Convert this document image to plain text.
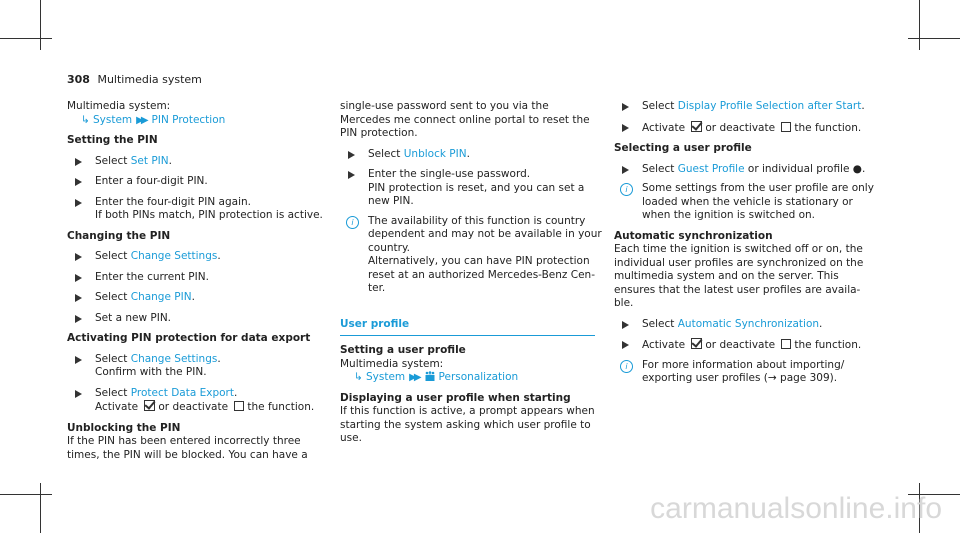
308 Multimedia system
Multimedia system:
↳ System ▶▶ PIN Protection
Setting the PIN
Select Set PIN.
Enter a four-digit PIN.
Enter the four-digit PIN again.
If both PINs match, PIN protection is active.
Changing the PIN
Select Change Settings.
Enter the current PIN.
Select Change PIN.
Set a new PIN.
Activating PIN protection for data export
Select Change Settings.
Confirm with the PIN.
Select Protect Data Export.
Activate or deactivate the function.
Unblocking the PIN
If the PIN has been entered incorrectly three
times, the PIN will be blocked. You can have a
single-use password sent to you via the
Mercedes me connect online portal to reset the
PIN protection.
Select Unblock PIN.
Enter the single-use password.
PIN protection is reset, and you can set a
new PIN.
i	The availability of this function is country
dependent and may not be available in your
country.
Alternatively, you can have PIN protection
reset at an authorized Mercedes-Benz Cen-
ter.
User profile
Setting a user profile
Multimedia system:
↳ System ▶▶ Personalization
Displaying a user profile when starting
If this function is active, a prompt appears when
starting the system asking which user profile to
use.
Select Display Profile Selection after Start.
Activate or deactivate the function.
Selecting a user profile
Select Guest Profile or individual profile ●.
i	Some settings from the user profile are only
loaded when the vehicle is stationary or
when the ignition is switched on.
Automatic synchronization
Each time the ignition is switched off or on, the
individual user profiles are synchronized on the
multimedia system and on the server. This
ensures that the latest user profiles are availa-
ble.
Select Automatic Synchronization.
Activate or deactivate the function.
i	For more information about importing/
exporting user profiles (→ page 309).
carmanualsonline.info
